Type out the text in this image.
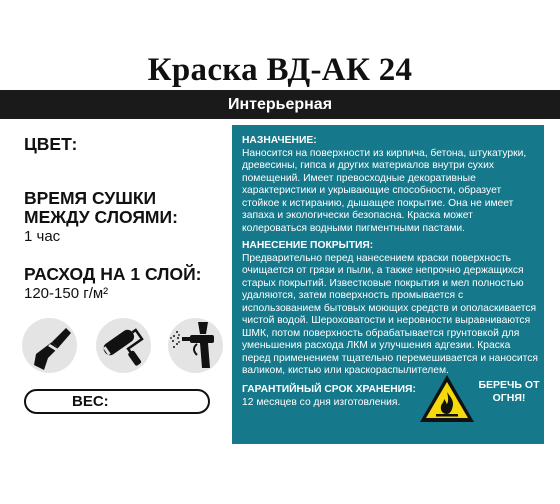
Краска ВД-АК 24
Интерьерная
ЦВЕТ:
ВРЕМЯ СУШКИ МЕЖДУ СЛОЯМИ:
1 час
РАСХОД НА 1 СЛОЙ:
120-150 г/м²
ВЕС:
НАЗНАЧЕНИЕ:
Наносится на поверхности из кирпича, бетона, штукатурки, древесины, гипса и других материалов внутри сухих помещений. Имеет превосходные декоративные характеристики и укрывающие способности, образует стойкое к истиранию, дышащее покрытие. Она не имеет запаха и экологически безопасна. Краска может колероваться водными пигментными пастами.
НАНЕСЕНИЕ ПОКРЫТИЯ:
Предварительно перед нанесением краски поверхность очищается от грязи и пыли, а также непрочно держащихся старых покрытий. Известковые покрытия и мел полностью удаляются, затем поверхность промывается с использованием бытовых моющих средств и ополаскивается чистой водой. Шероховатости и неровности выравниваются ШМК, потом поверхность обрабатывается грунтовкой для уменьшения расхода ЛКМ и улучшения адгезии. Краска перед применением тщательно перемешивается и наносится валиком, кистью или краскораспылителем.
ГАРАНТИЙНЫЙ СРОК ХРАНЕНИЯ:
12 месяцев со дня изготовления.
БЕРЕЧЬ ОТ ОГНЯ!
